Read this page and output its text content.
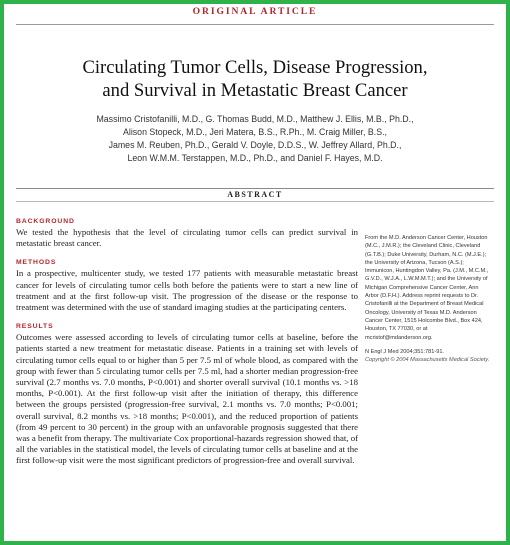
ORIGINAL ARTICLE
Circulating Tumor Cells, Disease Progression,
and Survival in Metastatic Breast Cancer
Massimo Cristofanilli, M.D., G. Thomas Budd, M.D., Matthew J. Ellis, M.B., Ph.D.,
Alison Stopeck, M.D., Jeri Matera, B.S., R.Ph., M. Craig Miller, B.S.,
James M. Reuben, Ph.D., Gerald V. Doyle, D.D.S., W. Jeffrey Allard, Ph.D.,
Leon W.M.M. Terstappen, M.D., Ph.D., and Daniel F. Hayes, M.D.
ABSTRACT
BACKGROUND

We tested the hypothesis that the level of circulating tumor cells can predict survival in metastatic breast cancer.

METHODS

In a prospective, multicenter study, we tested 177 patients with measurable metastatic breast cancer for levels of circulating tumor cells both before the patients were to start a new line of treatment and at the first follow-up visit. The progression of the disease or the response to treatment was determined with the use of standard imaging studies at the participating centers.

RESULTS

Outcomes were assessed according to levels of circulating tumor cells at baseline, before the patients started a new treatment for metastatic disease. Patients in a training set with levels of circulating tumor cells equal to or higher than 5 per 7.5 ml of whole blood, as compared with the group with fewer than 5 circulating tumor cells per 7.5 ml, had a shorter median progression-free survival (2.7 months vs. 7.0 months, P<0.001) and shorter overall survival (10.1 months vs. >18 months, P<0.001). At the first follow-up visit after the initiation of therapy, this difference between the groups persisted (progression-free survival, 2.1 months vs. 7.0 months; P<0.001; overall survival, 8.2 months vs. >18 months; P<0.001), and the reduced proportion of patients (from 49 percent to 30 percent) in the group with an unfavorable prognosis suggested that there was a benefit from therapy. The multivariate Cox proportional-hazards regression showed that, of all the variables in the statistical model, the levels of circulating tumor cells at baseline and at the first follow-up visit were the most significant predictors of progression-free and overall survival.

From the M.D. Anderson Cancer Center, Houston (M.C., J.M.R.); the Cleveland Clinic, Cleveland (G.T.B.); Duke University, Durham, N.C. (M.J.E.); the University of Arizona, Tucson (A.S.); Immunicon, Huntingdon Valley, Pa. (J.M., M.C.M., G.V.D., W.J.A., L.W.M.M.T.); and the University of Michigan Comprehensive Cancer Center, Ann Arbor (D.F.H.). Address reprint requests to Dr. Cristofanilli at the Department of Breast Medical Oncology, University of Texas M.D. Anderson Cancer Center, 1515 Holcombe Blvd., Box 424, Houston, TX 77030, or at mcristof@mdanderson.org.

N Engl J Med 2004;351:781-91.

Copyright © 2004 Massachusetts Medical Society.
